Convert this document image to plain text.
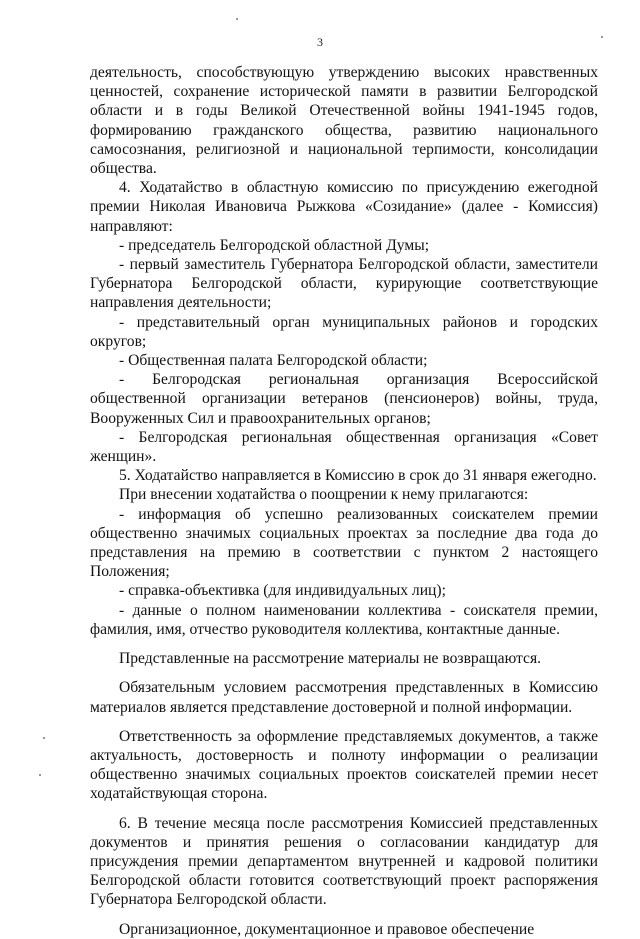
3

деятельность, способствующую утверждению высоких нравственных ценностей, сохранение исторической памяти в развитии Белгородской области и в годы Великой Отечественной войны 1941-1945 годов, формированию гражданского общества, развитию национального самосознания, религиозной и национальной терпимости, консолидации общества.

4. Ходатайство в областную комиссию по присуждению ежегодной премии Николая Ивановича Рыжкова «Созидание» (далее - Комиссия) направляют:

- председатель Белгородской областной Думы;

- первый заместитель Губернатора Белгородской области, заместители Губернатора Белгородской области, курирующие соответствующие направления деятельности;

- представительный орган муниципальных районов и городских округов;

- Общественная палата Белгородской области;

- Белгородская региональная организация Всероссийской общественной организации ветеранов (пенсионеров) войны, труда, Вооруженных Сил и правоохранительных органов;

- Белгородская региональная общественная организация «Совет женщин».

5. Ходатайство направляется в Комиссию в срок до 31 января ежегодно.

При внесении ходатайства о поощрении к нему прилагаются:

- информация об успешно реализованных соискателем премии общественно значимых социальных проектах за последние два года до представления на премию в соответствии с пунктом 2 настоящего Положения;

- справка-объективка (для индивидуальных лиц);

- данные о полном наименовании коллектива - соискателя премии, фамилия, имя, отчество руководителя коллектива, контактные данные.

Представленные на рассмотрение материалы не возвращаются.

Обязательным условием рассмотрения представленных в Комиссию материалов является представление достоверной и полной информации.

Ответственность за оформление представляемых документов, а также актуальность, достоверность и полноту информации о реализации общественно значимых социальных проектов соискателей премии несет ходатайствующая сторона.

6. В течение месяца после рассмотрения Комиссией представленных документов и принятия решения о согласовании кандидатур для присуждения премии департаментом внутренней и кадровой политики Белгородской области готовится соответствующий проект распоряжения Губернатора Белгородской области.

Организационное, документационное и правовое обеспечение
